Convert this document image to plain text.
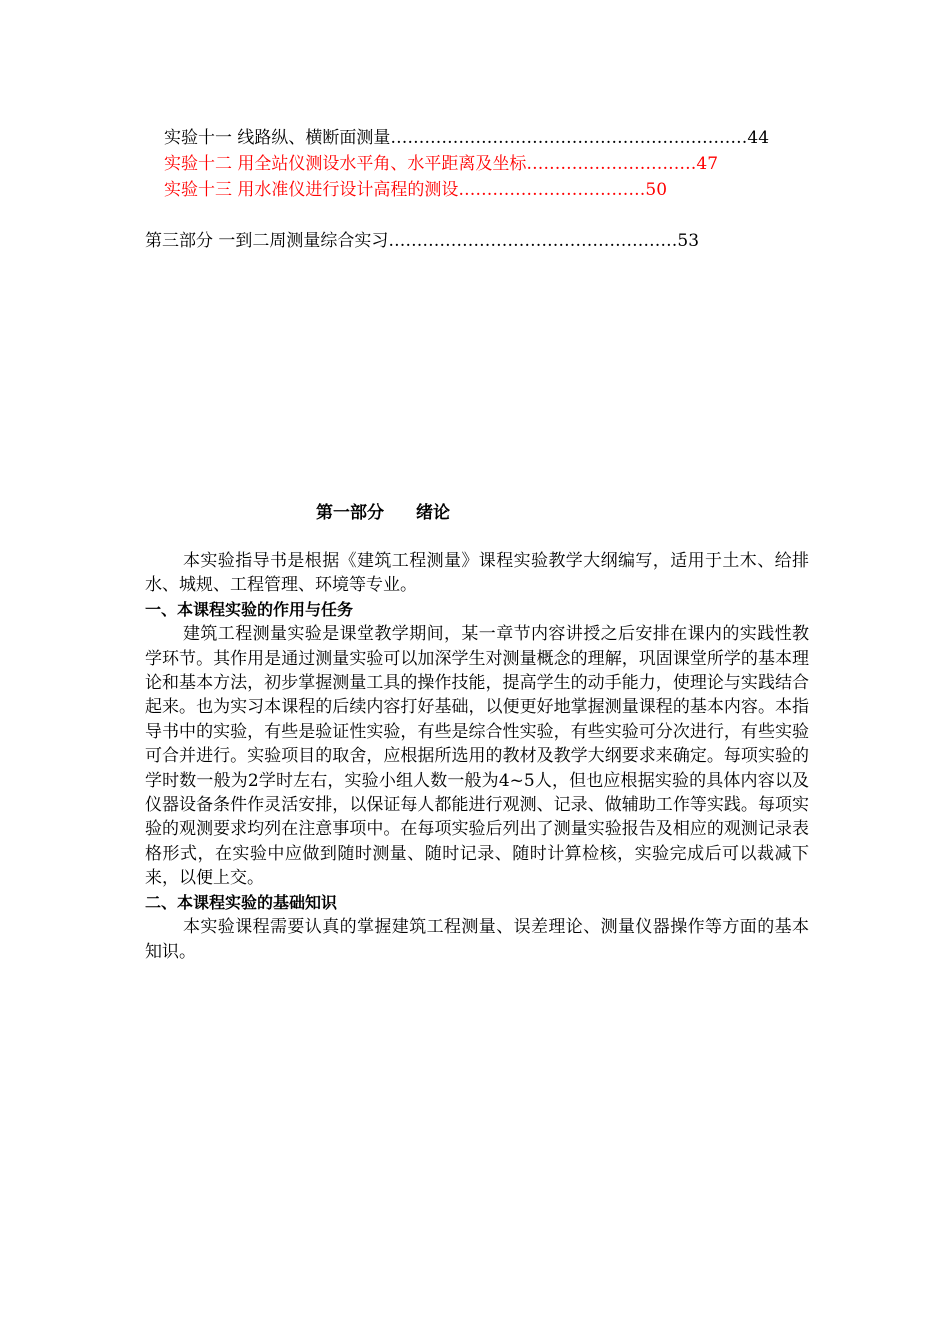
实验十一 线路纵、横断面测量………………………………………………………44
实验十二 用全站仪测设水平角、水平距离及坐标…………………………47
实验十三 用水准仪进行设计高程的测设……………………………50
第三部分 一到二周测量综合实习……………………………………………53
第一部分 绪论

本实验指导书是根据《建筑工程测量》课程实验教学大纲编写，适用于土木、给排水、城规、工程管理、环境等专业。

一、本课程实验的作用与任务

建筑工程测量实验是课堂教学期间，某一章节内容讲授之后安排在课内的实践性教学环节。其作用是通过测量实验可以加深学生对测量概念的理解，巩固课堂所学的基本理论和基本方法，初步掌握测量工具的操作技能，提高学生的动手能力，使理论与实践结合起来。也为实习本课程的后续内容打好基础，以便更好地掌握测量课程的基本内容。本指导书中的实验，有些是验证性实验，有些是综合性实验，有些实验可分次进行，有些实验可合并进行。实验项目的取舍，应根据所选用的教材及教学大纲要求来确定。每项实验的学时数一般为2学时左右，实验小组人数一般为4~5人，但也应根据实验的具体内容以及仪器设备条件作灵活安排，以保证每人都能进行观测、记录、做辅助工作等实践。每项实验的观测要求均列在注意事项中。在每项实验后列出了测量实验报告及相应的观测记录表格形式，在实验中应做到随时测量、随时记录、随时计算检核，实验完成后可以裁减下来，以便上交。

二、本课程实验的基础知识

本实验课程需要认真的掌握建筑工程测量、误差理论、测量仪器操作等方面的基本知识。
